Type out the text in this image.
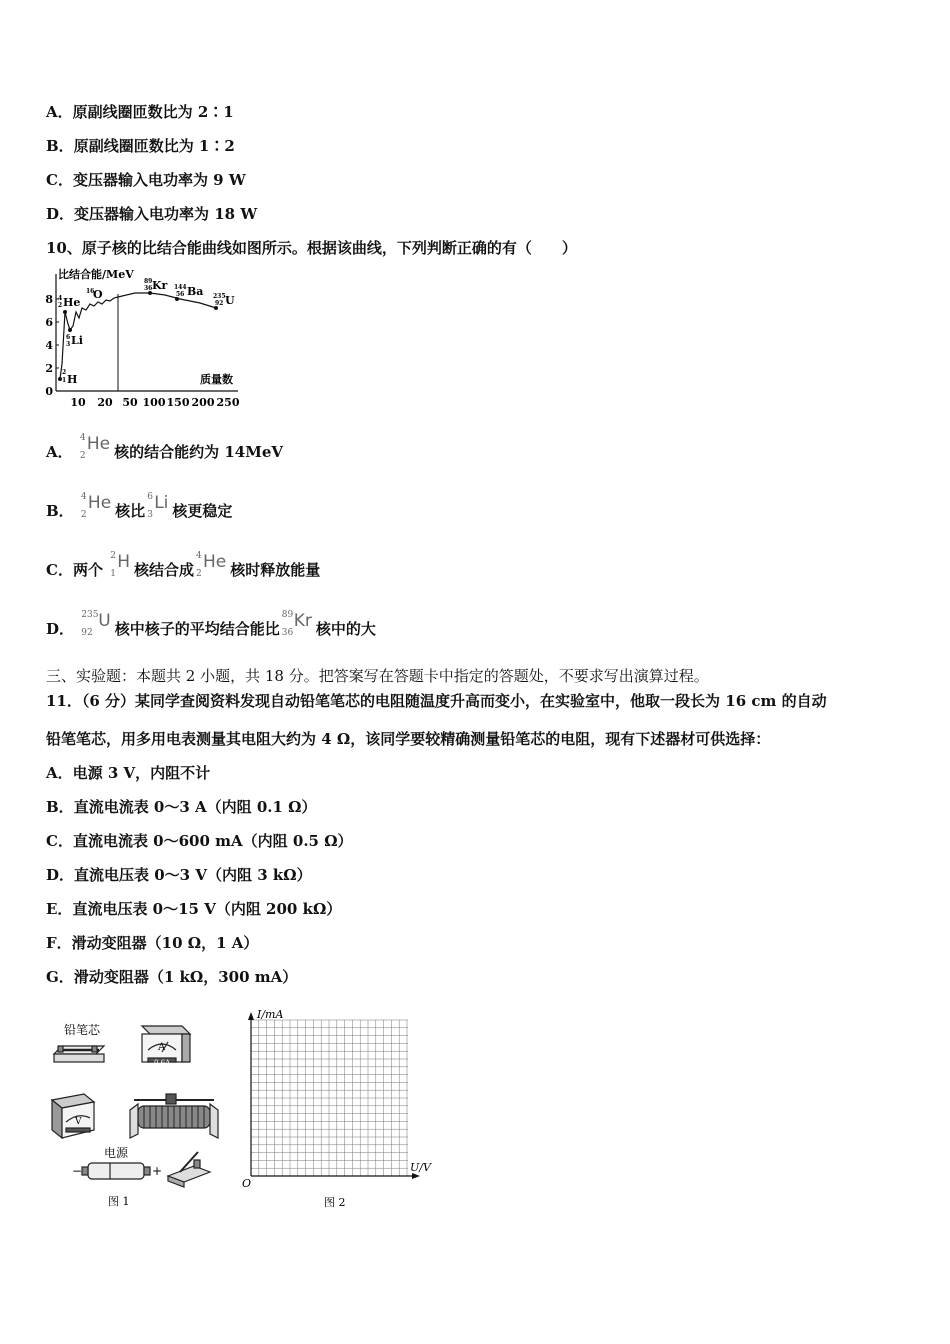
A．原副线圈匝数比为 2∶1
B．原副线圈匝数比为 1∶2
C．变压器输入电功率为 9 W
D．变压器输入电功率为 18 W
10、原子核的比结合能曲线如图所示。根据该曲线，下列判断正确的有（　　）
比结合能/MeV
8
6
4
2
0
10 20 50 100 150 200 250
质量数
2
1 H
6
3 Li
4
2 He
16
O
89
36 Kr 144
56 Ba 235
92 U
A．
4
2
He 核的结合能约为 14MeV
B．
4
2
He 核比
6
3
Li 核更稳定
C．两个
2
1
H 核结合成
4
2
He 核时释放能量
D．
235
92
U 核中核子的平均结合能比
89
36
Kr 核中的大
三、实验题：本题共 2 小题，共 18 分。把答案写在答题卡中指定的答题处，不要求写出演算过程。
11．（6 分）某同学查阅资料发现自动铅笔笔芯的电阻随温度升高而变小，在实验室中，他取一段长为 16 cm 的自动
铅笔笔芯，用多用电表测量其电阻大约为 4 Ω，该同学要较精确测量铅笔芯的电阻，现有下述器材可供选择：
A．电源 3 V，内阻不计
B．直流电流表 0～3 A（内阻 0.1 Ω）
C．直流电流表 0～600 mA（内阻 0.5 Ω）
D．直流电压表 0～3 V（内阻 3 kΩ）
E．直流电压表 0～15 V（内阻 200 kΩ）
F．滑动变阻器（10 Ω，1 A）
G．滑动变阻器（1 kΩ，300 mA）
铅笔芯
A
0.6A
V
电源
−	+
图 1
I/mA
U/V
O
图 2
